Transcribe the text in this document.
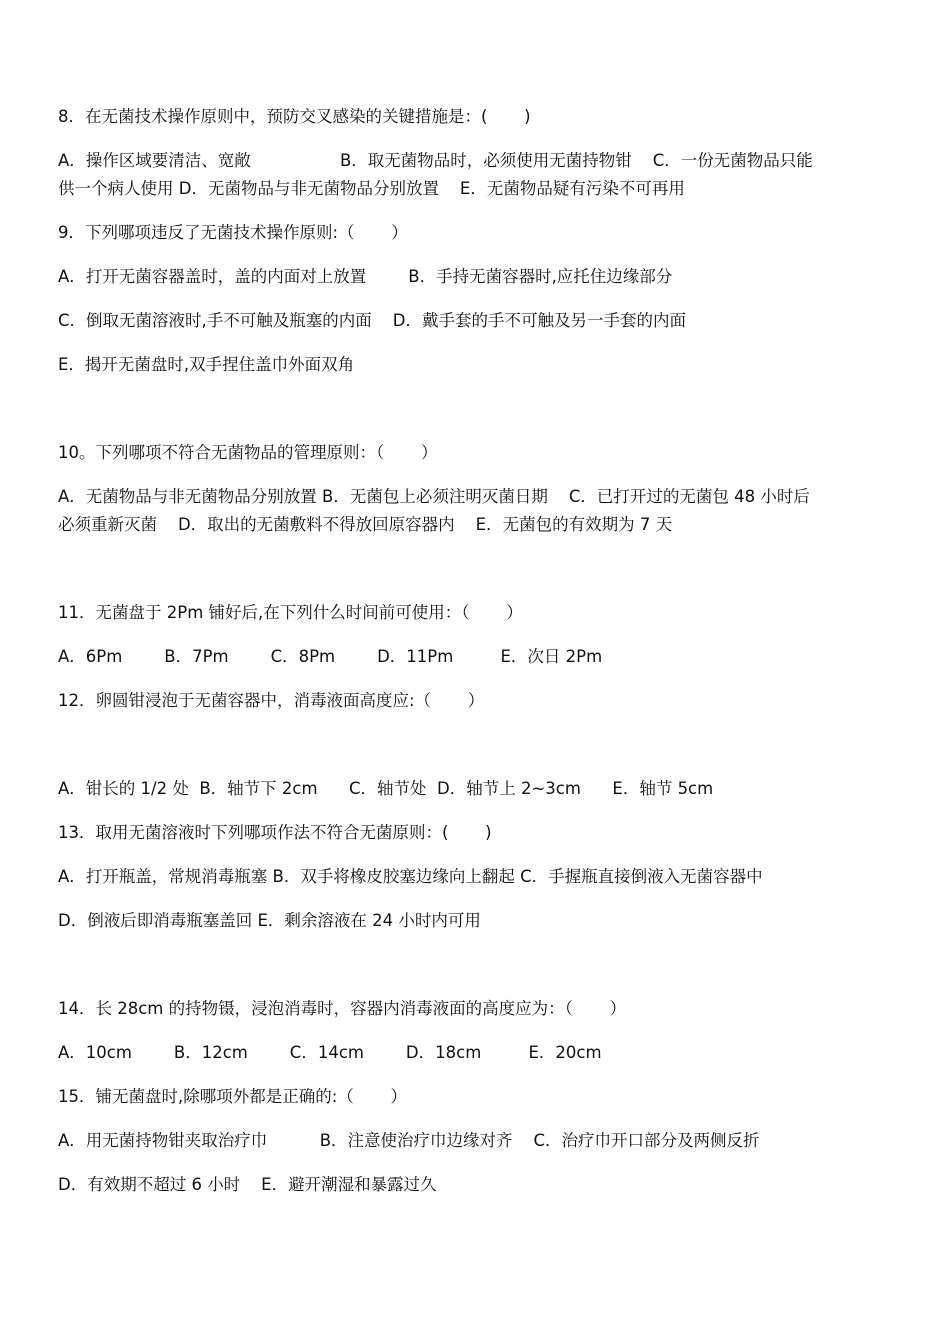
8．在无菌技术操作原则中，预防交叉感染的关键措施是：(       )
A．操作区域要清洁、宽敞                 B．取无菌物品时，必须使用无菌持物钳    C．一份无菌物品只能
供一个病人使用 D．无菌物品与非无菌物品分别放置    E．无菌物品疑有污染不可再用
9．下列哪项违反了无菌技术操作原则:（       ）
A．打开无菌容器盖时，盖的内面对上放置        B．手持无菌容器时,应托住边缘部分
C．倒取无菌溶液时,手不可触及瓶塞的内面    D．戴手套的手不可触及另一手套的内面
E．揭开无菌盘时,双手捏住盖巾外面双角
10。下列哪项不符合无菌物品的管理原则：（       ）
A．无菌物品与非无菌物品分别放置 B．无菌包上必须注明灭菌日期    C．已打开过的无菌包 48 小时后
必须重新灭菌    D．取出的无菌敷料不得放回原容器内    E．无菌包的有效期为 7 天
11．无菌盘于 2Pm 铺好后,在下列什么时间前可使用：（       ）
A．6Pm        B．7Pm        C．8Pm        D．11Pm         E．次日 2Pm
12．卵圆钳浸泡于无菌容器中，消毒液面高度应:（       ）
A．钳长的 1/2 处  B．轴节下 2cm      C．轴节处  D．轴节上 2~3cm      E．轴节 5cm
13．取用无菌溶液时下列哪项作法不符合无菌原则：(       )
A．打开瓶盖，常规消毒瓶塞 B．双手将橡皮胶塞边缘向上翻起 C．手握瓶直接倒液入无菌容器中
D．倒液后即消毒瓶塞盖回 E．剩余溶液在 24 小时内可用
14．长 28cm 的持物镊，浸泡消毒时，容器内消毒液面的高度应为：（       ）
A．10cm        B．12cm        C．14cm        D．18cm         E．20cm
15．铺无菌盘时,除哪项外都是正确的:（       ）
A．用无菌持物钳夹取治疗巾          B．注意使治疗巾边缘对齐    C．治疗巾开口部分及两侧反折
D．有效期不超过 6 小时    E．避开潮湿和暴露过久
